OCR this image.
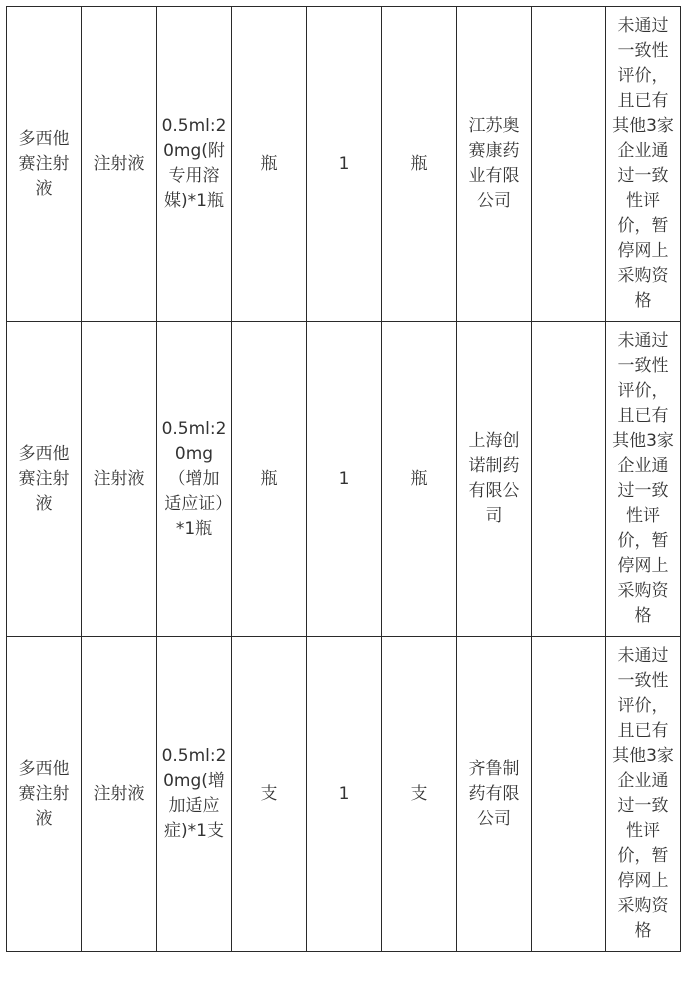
多西他赛注射液	注射液	0.5ml:20mg(附专用溶媒)*1瓶	瓶	1	瓶	江苏奥赛康药业有限公司		未通过一致性评价，且已有其他3家企业通过一致性评价，暂停网上采购资格
多西他赛注射液	注射液	0.5ml:20mg（增加适应证）*1瓶	瓶	1	瓶	上海创诺制药有限公司		未通过一致性评价，且已有其他3家企业通过一致性评价，暂停网上采购资格
多西他赛注射液	注射液	0.5ml:20mg(增加适应症)*1支	支	1	支	齐鲁制药有限公司		未通过一致性评价，且已有其他3家企业通过一致性评价，暂停网上采购资格
